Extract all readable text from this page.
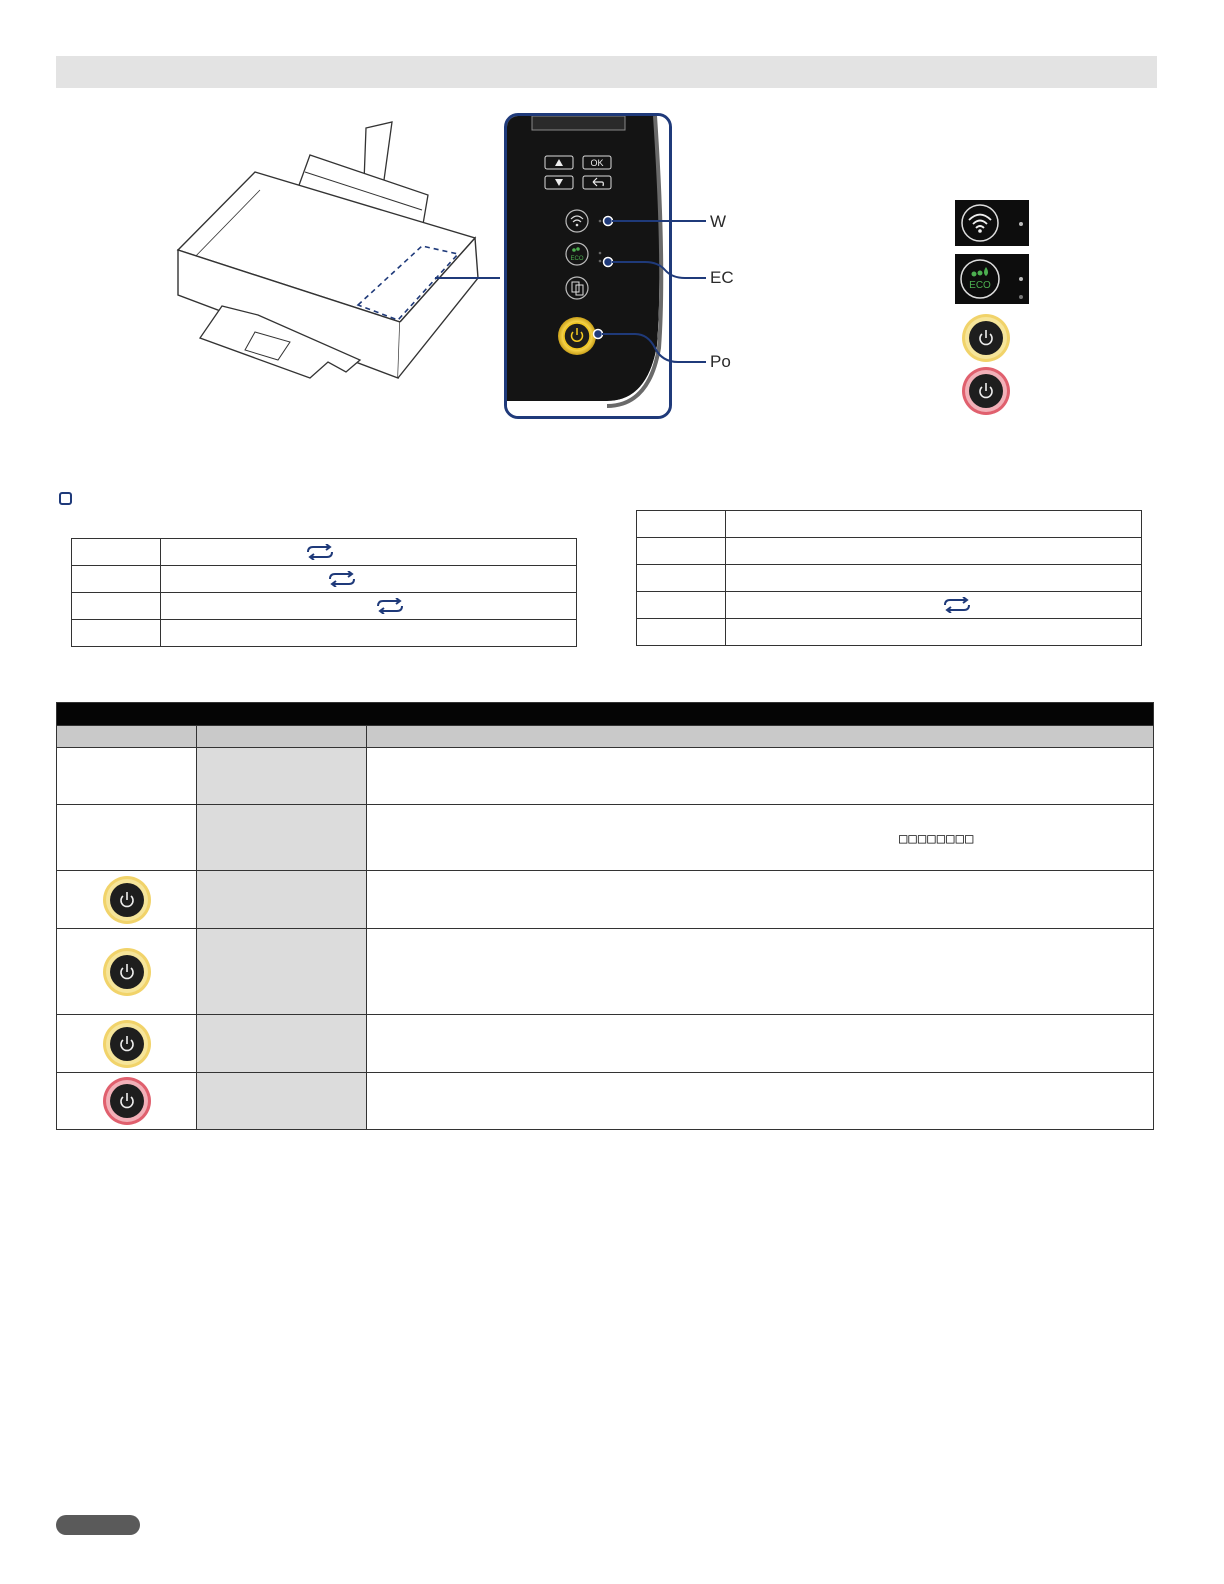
OK
ECO
W
EC
Po
ECO

		□□□□□□□□
